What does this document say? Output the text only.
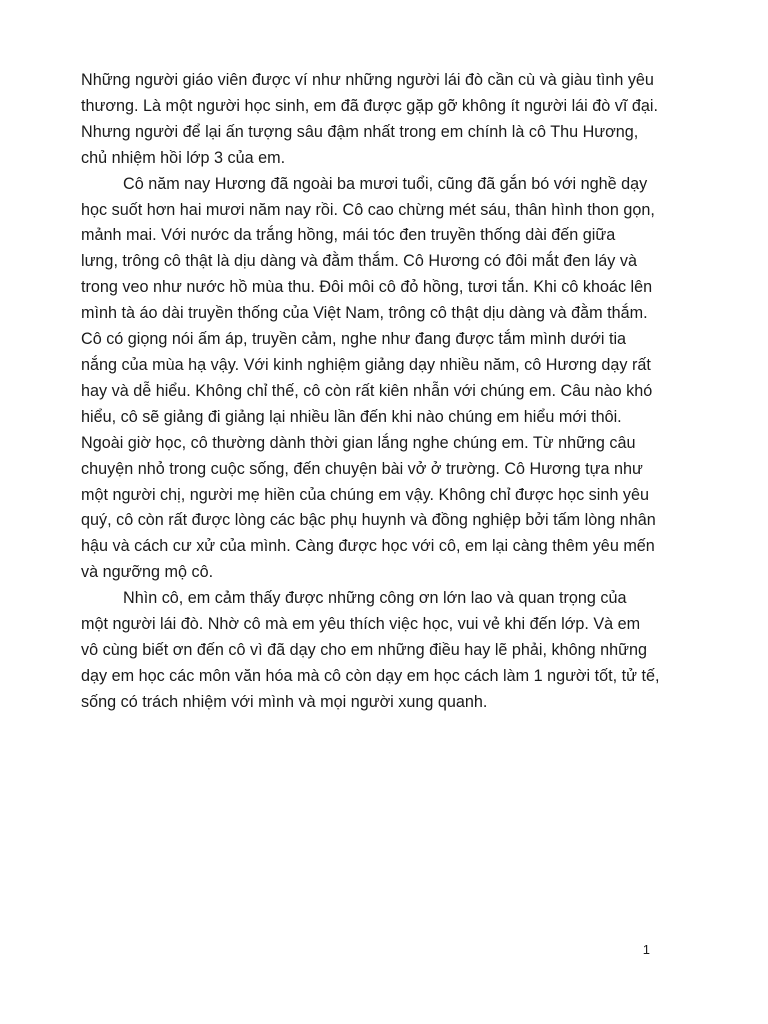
Những người giáo viên được ví như những người lái đò cần cù và giàu tình yêu
thương. Là một người học sinh, em đã được gặp gỡ không ít người lái đò vĩ đại.
Nhưng người để lại ấn tượng sâu đậm nhất trong em chính là cô Thu Hương,
chủ nhiệm hồi lớp 3 của em.
Cô năm nay Hương đã ngoài ba mươi tuổi, cũng đã gắn bó với nghề dạy
học suốt hơn hai mươi năm nay rồi. Cô cao chừng mét sáu, thân hình thon gọn,
mảnh mai. Với nước da trắng hồng, mái tóc đen truyền thống dài đến giữa
lưng, trông cô thật là dịu dàng và đằm thắm. Cô Hương có đôi mắt đen láy và
trong veo như nước hồ mùa thu. Đôi môi cô đỏ hồng, tươi tắn. Khi cô khoác lên
mình tà áo dài truyền thống của Việt Nam, trông cô thật dịu dàng và đằm thắm.
Cô có giọng nói ấm áp, truyền cảm, nghe như đang được tắm mình dưới tia
nắng của mùa hạ vậy. Với kinh nghiệm giảng dạy nhiều năm, cô Hương dạy rất
hay và dễ hiểu. Không chỉ thế, cô còn rất kiên nhẫn với chúng em. Câu nào khó
hiểu, cô sẽ giảng đi giảng lại nhiều lần đến khi nào chúng em hiểu mới thôi.
Ngoài giờ học, cô thường dành thời gian lắng nghe chúng em. Từ những câu
chuyện nhỏ trong cuộc sống, đến chuyện bài vở ở trường. Cô Hương tựa như
một người chị, người mẹ hiền của chúng em vậy. Không chỉ được học sinh yêu
quý, cô còn rất được lòng các bậc phụ huynh và đồng nghiệp bởi tấm lòng nhân
hậu và cách cư xử của mình. Càng được học với cô, em lại càng thêm yêu mến
và ngưỡng mộ cô.
Nhìn cô, em cảm thấy được những công ơn lớn lao và quan trọng của
một người lái đò. Nhờ cô mà em yêu thích việc học, vui vẻ khi đến lớp. Và em
vô cùng biết ơn đến cô vì đã dạy cho em những điều hay lẽ phải, không những
dạy em học các môn văn hóa mà cô còn dạy em học cách làm 1 người tốt, tử tế,
sống có trách nhiệm với mình và mọi người xung quanh.
1
